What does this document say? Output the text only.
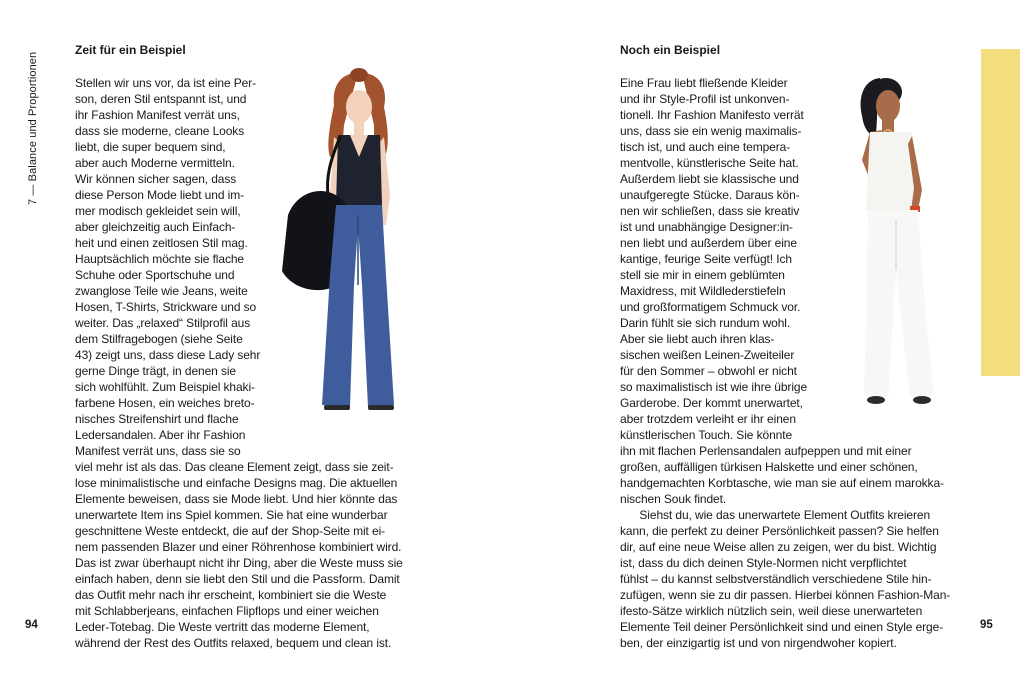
7 — Balance und Proportionen
Zeit für ein Beispiel
Stellen wir uns vor, da ist eine Per-
son, deren Stil entspannt ist, und
ihr Fashion Manifest verrät uns,
dass sie moderne, cleane Looks
liebt, die super bequem sind,
aber auch Moderne vermitteln.
Wir können sicher sagen, dass
diese Person Mode liebt und im-
mer modisch gekleidet sein will,
aber gleichzeitig auch Einfach-
heit und einen zeitlosen Stil mag.
Hauptsächlich möchte sie flache
Schuhe oder Sportschuhe und
zwanglose Teile wie Jeans, weite
Hosen, T-Shirts, Strickware und so
weiter. Das „relaxed“ Stilprofil aus
dem Stilfragebogen (siehe Seite
43) zeigt uns, dass diese Lady sehr
gerne Dinge trägt, in denen sie
sich wohlfühlt. Zum Beispiel khaki-
farbene Hosen, ein weiches breto-
nisches Streifenshirt und flache
Ledersandalen. Aber ihr Fashion
Manifest verrät uns, dass sie so
viel mehr ist als das. Das cleane Element zeigt, dass sie zeit-
lose minimalistische und einfache Designs mag. Die aktuellen
Elemente beweisen, dass sie Mode liebt. Und hier könnte das
unerwartete Item ins Spiel kommen. Sie hat eine wunderbar
geschnittene Weste entdeckt, die auf der Shop-Seite mit ei-
nem passenden Blazer und einer Röhrenhose kombiniert wird.
Das ist zwar überhaupt nicht ihr Ding, aber die Weste muss sie
einfach haben, denn sie liebt den Stil und die Passform. Damit
das Outfit mehr nach ihr erscheint, kombiniert sie die Weste
mit Schlabberjeans, einfachen Flipflops und einer weichen
Leder-Totebag. Die Weste vertritt das moderne Element,
während der Rest des Outfits relaxed, bequem und clean ist.
94
Noch ein Beispiel
Eine Frau liebt fließende Kleider
und ihr Style-Profil ist unkonven-
tionell. Ihr Fashion Manifesto verrät
uns, dass sie ein wenig maximalis-
tisch ist, und auch eine tempera-
mentvolle, künstlerische Seite hat.
Außerdem liebt sie klassische und
unaufgeregte Stücke. Daraus kön-
nen wir schließen, dass sie kreativ
ist und unabhängige Designer:in-
nen liebt und außerdem über eine
kantige, feurige Seite verfügt! Ich
stell sie mir in einem geblümten
Maxidress, mit Wildlederstiefeln
und großformatigem Schmuck vor.
Darin fühlt sie sich rundum wohl.
Aber sie liebt auch ihren klas-
sischen weißen Leinen-Zweiteiler
für den Sommer – obwohl er nicht
so maximalistisch ist wie ihre übrige
Garderobe. Der kommt unerwartet,
aber trotzdem verleiht er ihr einen
künstlerischen Touch. Sie könnte
ihn mit flachen Perlensandalen aufpeppen und mit einer
großen, auffälligen türkisen Halskette und einer schönen,
handgemachten Korbtasche, wie man sie auf einem marokka-
nischen Souk findet.
Siehst du, wie das unerwartete Element Outfits kreieren
kann, die perfekt zu deiner Persönlichkeit passen? Sie helfen
dir, auf eine neue Weise allen zu zeigen, wer du bist. Wichtig
ist, dass du dich deinen Style-Normen nicht verpflichtet
fühlst – du kannst selbstverständlich verschiedene Stile hin-
zufügen, wenn sie zu dir passen. Hierbei können Fashion-Man-
ifesto-Sätze wirklich nützlich sein, weil diese unerwarteten
Elemente Teil deiner Persönlichkeit sind und einen Style erge-
ben, der einzigartig ist und von nirgendwoher kopiert.
95
